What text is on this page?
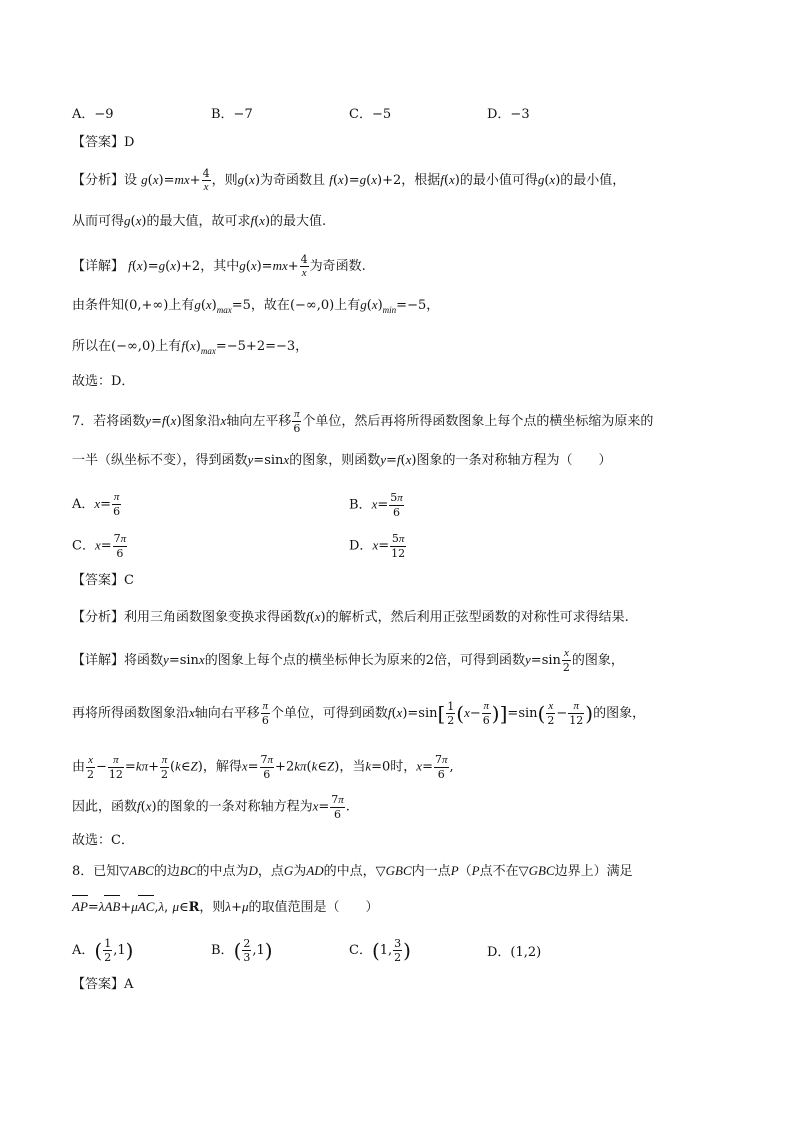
A．−9	B．−7	C．−5	D．−3
【答案】D
【分析】设 $g(x)=mx+ \frac{4}{x}$ ，则g(x)为奇函数且 f(x)=g(x)+2，根据f(x)的最小值可得g(x)的最小值，
从而可得g(x)的最大值，故可求f(x)的最大值.
【详解】 f(x)=g(x)+2，其中$g(x)=mx+ \frac{4}{x}$ 为奇函数.
由条件知(0,+∞)上有$g(x)_{max}=5$，故在(−∞,0)上有$g(x)_{min}=-5$，
所以在(−∞,0)上有$f(x)_{max}=-5+2=-3$，
故选：D．
7．若将函数y=f(x)图象沿x轴向左平移 $\frac{\pi}{6}$ 个单位，然后再将所得函数图象上每个点的横坐标缩为原来的
一半（纵坐标不变），得到函数y=sinx的图象，则函数y=f(x)图象的一条对称轴方程为（　　）
A．$x= \frac{\pi}{6}$	B．$x= \frac{5\pi}{6}$
C．$x= \frac{7\pi}{6}$	D．$x= \frac{5\pi}{12}$
【答案】C
【分析】利用三角函数图象变换求得函数f(x)的解析式，然后利用正弦型函数的对称性可求得结果.
【详解】将函数y=sinx的图象上每个点的横坐标伸长为原来的2倍，可得到函数$y=\sin \frac{x}{2}$ 的图象，
再将所得函数图象沿x轴向右平移 $\frac{\pi}{6}$ 个单位，可得到函数$f(x)=\sin[ \frac{1}{2} (x- \frac{\pi}{6} )]=\sin( \frac{x}{2} - \frac{\pi}{12}$ )的图象，
由 $\frac{x}{2} - \frac{\pi}{12} =k\pi+ \frac{\pi}{2}$ (k∈Z)，解得$x= \frac{7\pi}{6}$ +2kπ(k∈Z)，当k=0时，$x= \frac{7\pi}{6}$ ,
因此，函数f(x)的图象的一条对称轴方程为$x= \frac{7\pi}{6}$ .
故选：C．
8．已知▽ABC的边BC的中点为D，点G为AD的中点，▽GBC内一点P（P点不在▽GBC边界上）满足
AP=λAB+μAC,λ, μ∈R，则λ+μ的取值范围是（　　）
A．( $\frac{1}{2} ,1$)	B．( $\frac{2}{3} ,1$)	C．(1, $\frac{3}{2}$ )	D．(1,2)
【答案】A
